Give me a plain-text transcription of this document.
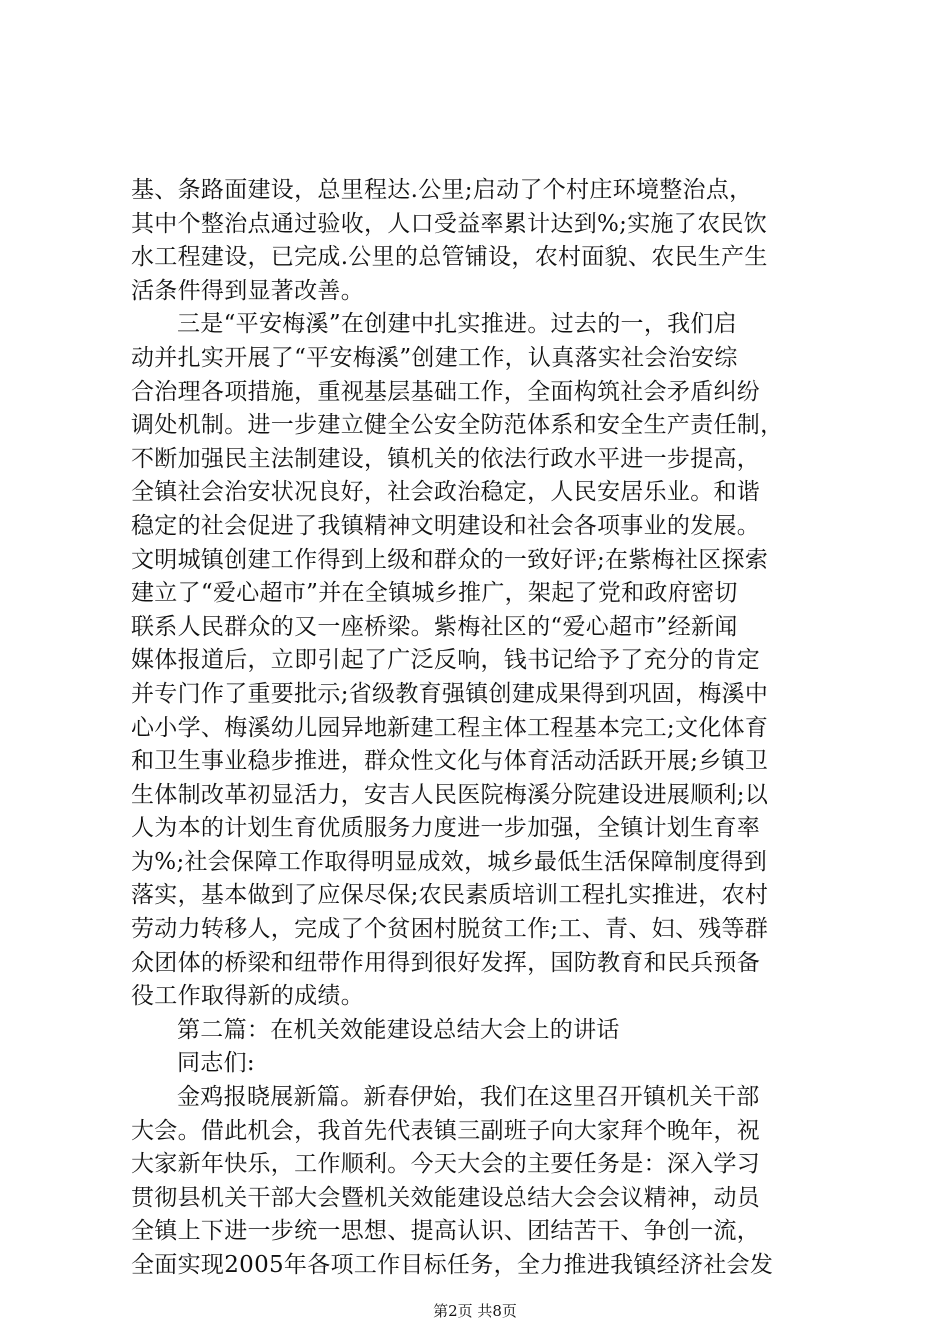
基、条路面建设，总里程达.公里;启动了个村庄环境整治点，
其中个整治点通过验收，人口受益率累计达到%;实施了农民饮
水工程建设，已完成.公里的总管铺设，农村面貌、农民生产生
活条件得到显著改善。
三是“平安梅溪”在创建中扎实推进。过去的一，我们启
动并扎实开展了“平安梅溪”创建工作，认真落实社会治安综
合治理各项措施，重视基层基础工作，全面构筑社会矛盾纠纷
调处机制。进一步建立健全公安全防范体系和安全生产责任制，
不断加强民主法制建设，镇机关的依法行政水平进一步提高，
全镇社会治安状况良好，社会政治稳定，人民安居乐业。和谐
稳定的社会促进了我镇精神文明建设和社会各项事业的发展。
文明城镇创建工作得到上级和群众的一致好评;在紫梅社区探索
建立了“爱心超市”并在全镇城乡推广，架起了党和政府密切
联系人民群众的又一座桥梁。紫梅社区的“爱心超市”经新闻
媒体报道后，立即引起了广泛反响，钱书记给予了充分的肯定
并专门作了重要批示;省级教育强镇创建成果得到巩固，梅溪中
心小学、梅溪幼儿园异地新建工程主体工程基本完工;文化体育
和卫生事业稳步推进，群众性文化与体育活动活跃开展;乡镇卫
生体制改革初显活力，安吉人民医院梅溪分院建设进展顺利;以
人为本的计划生育优质服务力度进一步加强，全镇计划生育率
为%;社会保障工作取得明显成效，城乡最低生活保障制度得到
落实，基本做到了应保尽保;农民素质培训工程扎实推进，农村
劳动力转移人，完成了个贫困村脱贫工作;工、青、妇、残等群
众团体的桥梁和纽带作用得到很好发挥，国防教育和民兵预备
役工作取得新的成绩。
第二篇：在机关效能建设总结大会上的讲话
同志们:
金鸡报晓展新篇。新春伊始，我们在这里召开镇机关干部
大会。借此机会，我首先代表镇三副班子向大家拜个晚年，祝
大家新年快乐，工作顺利。今天大会的主要任务是：深入学习
贯彻县机关干部大会暨机关效能建设总结大会会议精神，动员
全镇上下进一步统一思想、提高认识、团结苦干、争创一流，
全面实现2005年各项工作目标任务，全力推进我镇经济社会发
第2页 共8页
